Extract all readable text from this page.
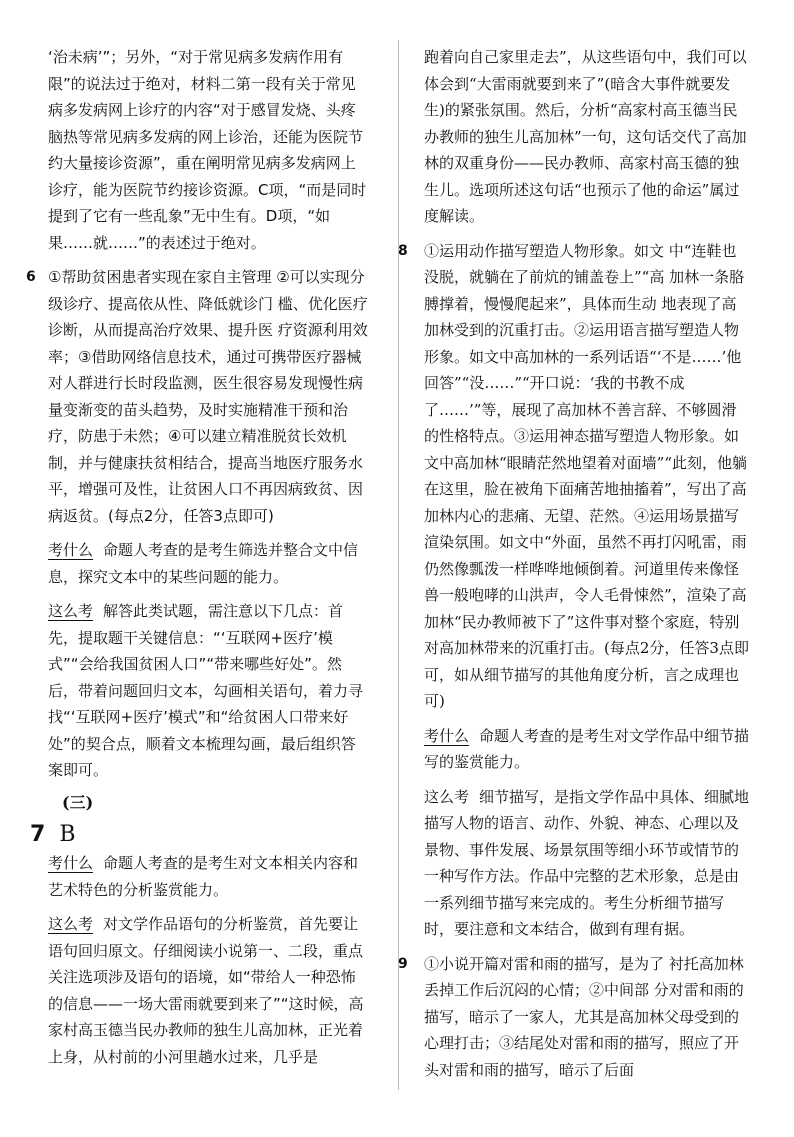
‘治未病’”；另外，“对于常见病多发病作用有限”的说法过于绝对，材料二第一段有关于常见病多发病网上诊疗的内容“对于感冒发烧、头疼脑热等常见病多发病的网上诊治，还能为医院节约大量接诊资源”，重在阐明常见病多发病网上诊疗，能为医院节约接诊资源。C项，“而是同时提到了它有一些乱象”无中生有。D项，“如果……就……”的表述过于绝对。

6 ①帮助贫困患者实现在家自主管理 ②可以实现分级诊疗、提高依从性、降低就诊门 槛、优化医疗诊断，从而提高治疗效果、提升医 疗资源利用效率；③借助网络信息技术，通过可携带医疗器械对人群进行长时段监测，医生很容易发现慢性病量变渐变的苗头趋势，及时实施精准干预和治疗，防患于未然；④可以建立精准脱贫长效机制，并与健康扶贫相结合，提高当地医疗服务水平，增强可及性，让贫困人口不再因病致贫、因病返贫。(每点2分，任答3点即可)

考什么 命题人考查的是考生筛选并整合文中信息，探究文本中的某些问题的能力。

这么考 解答此类试题，需注意以下几点：首先，提取题干关键信息：“‘互联网+医疗’模式”“会给我国贫困人口”“带来哪些好处”。然后，带着问题回归文本，勾画相关语句，着力寻找“‘互联网+医疗’模式”和“给贫困人口带来好处”的契合点，顺着文本梳理勾画，最后组织答案即可。

(三)
7 B

考什么 命题人考查的是考生对文本相关内容和艺术特色的分析鉴赏能力。

这么考 对文学作品语句的分析鉴赏，首先要让语句回归原文。仔细阅读小说第一、二段，重点关注选项涉及语句的语境，如“带给人一种恐怖的信息——一场大雷雨就要到来了”“这时候，高家村高玉德当民办教师的独生儿高加林，正光着上身，从村前的小河里趟水过来，几乎是

跑着向自己家里走去”，从这些语句中，我们可以体会到“大雷雨就要到来了”(暗含大事件就要发生)的紧张氛围。然后，分析“高家村高玉德当民办教师的独生儿高加林”一句，这句话交代了高加林的双重身份——民办教师、高家村高玉德的独生儿。选项所述这句话“也预示了他的命运”属过度解读。

8 ①运用动作描写塑造人物形象。如文 中“连鞋也没脱，就躺在了前炕的铺盖卷上”“高 加林一条胳膊撑着，慢慢爬起来”，具体而生动 地表现了高加林受到的沉重打击。②运用语言描写塑造人物形象。如文中高加林的一系列话语“‘不是……’他回答”“没……”“开口说：‘我的书教不成了……’”等，展现了高加林不善言辞、不够圆滑的性格特点。③运用神态描写塑造人物形象。如文中高加林“眼睛茫然地望着对面墙”“此刻，他躺在这里，脸在被角下面痛苦地抽搐着”，写出了高加林内心的悲痛、无望、茫然。④运用场景描写渲染氛围。如文中“外面，虽然不再打闪吼雷，雨仍然像瓢泼一样哗哗地倾倒着。河道里传来像怪兽一般咆哮的山洪声，令人毛骨悚然”，渲染了高加林“民办教师被下了”这件事对整个家庭，特别对高加林带来的沉重打击。(每点2分，任答3点即可，如从细节描写的其他角度分析，言之成理也可)

考什么 命题人考查的是考生对文学作品中细节描写的鉴赏能力。

这么考 细节描写，是指文学作品中具体、细腻地描写人物的语言、动作、外貌、神态、心理以及景物、事件发展、场景氛围等细小环节或情节的一种写作方法。作品中完整的艺术形象，总是由一系列细节描写来完成的。考生分析细节描写时，要注意和文本结合，做到有理有据。

9 ①小说开篇对雷和雨的描写，是为了 衬托高加林丢掉工作后沉闷的心情；②中间部 分对雷和雨的描写，暗示了一家人，尤其是高加林父母受到的心理打击；③结尾处对雷和雨的描写，照应了开头对雷和雨的描写，暗示了后面
